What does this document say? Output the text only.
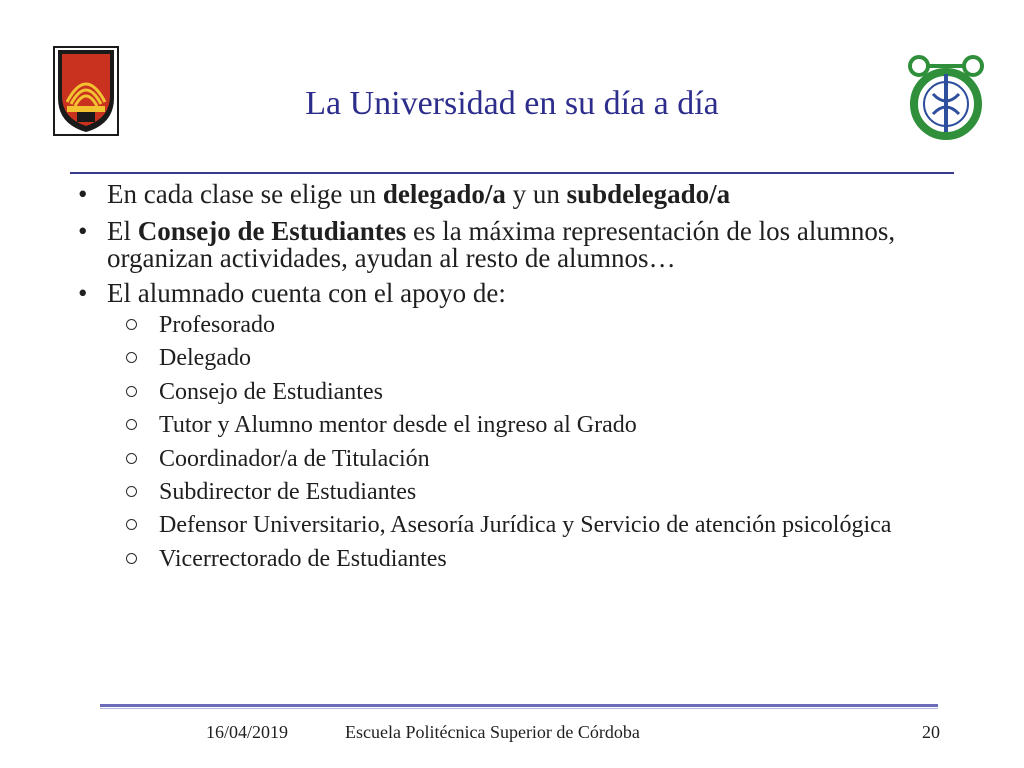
La Universidad en su día a día
• En cada clase se elige un delegado/a y un subdelegado/a
• El Consejo de Estudiantes es la máxima representación de los alumnos, organizan actividades, ayudan al resto de alumnos…
• El alumnado cuenta con el apoyo de:
Profesorado
Delegado
Consejo de Estudiantes
Tutor y Alumno mentor desde el ingreso al Grado
Coordinador/a de Titulación
Subdirector de Estudiantes
Defensor Universitario, Asesoría Jurídica y Servicio de atención psicológica
Vicerrectorado de Estudiantes
16/04/2019	Escuela Politécnica Superior de Córdoba	20
